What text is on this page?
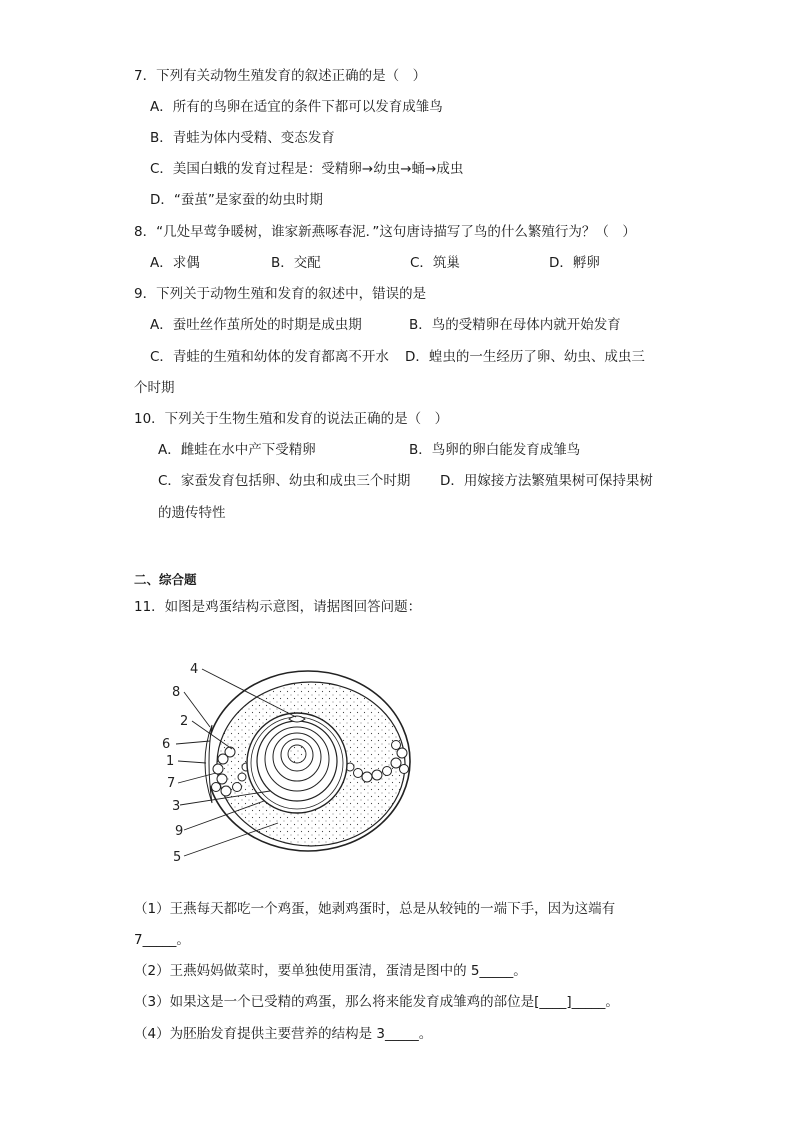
7．下列有关动物生殖发育的叙述正确的是（　）
A．所有的鸟卵在适宜的条件下都可以发育成雏鸟
B．青蛙为体内受精、变态发育
C．美国白蛾的发育过程是：受精卵→幼虫→蛹→成虫
D．“蚕茧”是家蚕的幼虫时期
8．“几处早莺争暖树，谁家新燕啄春泥．”这句唐诗描写了鸟的什么繁殖行为？（　）
A．求偶	B．交配	C．筑巢	D．孵卵
9．下列关于动物生殖和发育的叙述中，错误的是
A．蚕吐丝作茧所处的时期是成虫期	B．鸟的受精卵在母体内就开始发育
C．青蛙的生殖和幼体的发育都离不开水 D．蝗虫的一生经历了卵、幼虫、成虫三
个时期
10．下列关于生物生殖和发育的说法正确的是（　）
A．雌蛙在水中产下受精卵	B．鸟卵的卵白能发育成雏鸟
C．家蚕发育包括卵、幼虫和成虫三个时期 D．用嫁接方法繁殖果树可保持果树
的遗传特性
二、综合题
11．如图是鸡蛋结构示意图，请据图回答问题：
4
8
2
6
1
7
3
9
5
（1）王燕每天都吃一个鸡蛋，她剥鸡蛋时，总是从较钝的一端下手，因为这端有
7_____。
（2）王燕妈妈做菜时，要单独使用蛋清，蛋清是图中的 5_____。
（3）如果这是一个已受精的鸡蛋，那么将来能发育成雏鸡的部位是[____]_____。
（4）为胚胎发育提供主要营养的结构是 3_____。
